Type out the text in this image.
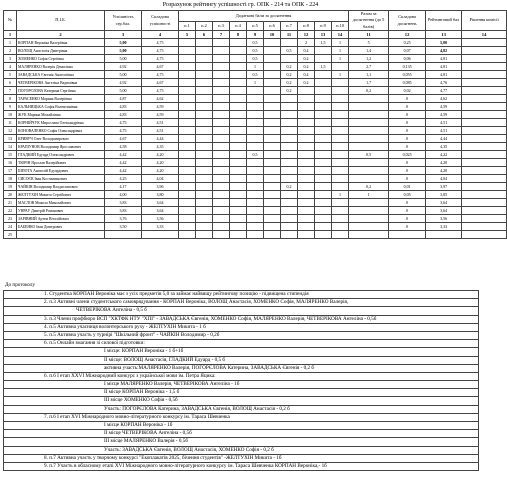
Розрахунок рейтингу успішності гр. ОПК - 214 та ОПК - 224
№	П.І.Б.	Успішність сер.бал.	Складова успішності	Додаткові бали за досягнення										Разом за досягнення (до 5 балів)	Складова досягнень	Рейтинговий бал	Рішення комісії
				п.1	п.2	п.3	п.4	п.5	п.6	п.7	п.8	п.9	п.10				
1	2	3	4	5	6	7	8	9	10	11	12	13	14	11	12	13	14
1	КОРПАН Вероніка Валеріївна	5,00	4,75					0,5			2	1,5	1	5	0,25	5,00	
2	ВОЛОЩ Анастасія Дмитрівна	5,00	4,75					0,5		0,5	0,4		1	1,4	0,07	4,82	
3	ХОМЕНКО Софія Сергіївна	5,00	4,75					0,5			0,2		1	1,2	0,06	4,81	
4	МАЛЯРЕНКО Валерія Денисівна	4,92	4,67					1		0,2	0,2	1,5		2,7	0,135	4,81	
5	ЗАВАДСЬКА Євгенія Анатоліївна	5,00	4,75					0,5		0,2	0,4		1	1,1	0,055	4,81	
6	ЧЕТВЕРІКОВА Ангеліна Вадимівна	4,92	4,67					1		0,2	0,2			1,7	0,085	4,76	
7	ПОГОРЄЛОВА Катерина Сергіївна	5,00	4,75							0,2				0,2	0,02	4,77	
8	ТАРАСЕНКО Марина Валеріївна	4,87	4,62												0	4,62	
9	КАЛЬНИЦЬКА Софія Валентинівна	4,83	4,59												0	4,59	
10	ЖУК Марина Михайлівна	4,83	4,59												0	4,59	
11	КОРНІЙЧУК Мирослава Олександрівна	4,75	4,51												0	4,51	
12	КОНОВАЛЕНКО Софія Олександрівна	4,75	4,51												0	4,51	
13	КРИВУЧ Олег Володимирович	4,67	4,44												0	4,44	
14	КРАПІУНОВ Володимир Ярославович	4,58	4,35												0	4,35	
15	ГЛАДКИЙ Едуард Олександрович	4,42	4,20					0,5						0,5	0,025	4,22	
16	ТЮРІН Ярослав Валерійович	4,42	4,20												0	4,20	
17	ШПОТА Анатолій Едуардович	4,42	4,20												0	4,20	
18	СИСОЄВ Іван Костянтинович	4,25	4,04												0	4,04	
19	ЧАЙКІН Володимир Владиславович	4,17	3,96							0,2				0,2	0,01	3,97	
20	ЖЕЛТУХІН Микита Сергійович	4,00	3,80										1	1	0,05	3,85	
21	МАСЛОВ Микола Миколайович	3,83	3,64												0	3,64	
22	УНРАУ Дмитрій Романович	3,83	3,64												0	3,64	
23	ЗАРІВНИЙ Артем Віталійович	3,76	3,56												0	3,56	
24	БАБЕНКО Іван Дмитрович	3,50	3,33												0	3,33	
25																	
До протоколу
1. Студентка КОРПАН Вероніка має з усіх предметів 5,0 за займає найвищу рейтингову позицію - підвищена стипендія
2. п.3 Активні члени студентського самоврядування - КОРПАН Вероніка, ВОЛОЩ Анастасія, ХОМЕНКО Софія, МАЛЯРЕНКО Валерія,
ЧЕТВЕРІКОВА Ангеліна - 0,5 б
3. п.3 Члени профбюро ВСП "ХКТФК НТУ "ХПІ" - ЗАВАДСЬКА Євгенія, ХОМЕНКО Софія, МАЛЯРЕНКО Валерія, ЧЕТВЕРІКОВА Ангеліна - 0,5б
4. п.5 Активна учасниця волонтерського руху - ЖЕЛТУХІН Микита - 1 б
5. п.5 Активна участь у турнірі "Шкільний фронт" - ЧАЙКІН Володимир - 0,2б
6. п.5 Онлайн змагання зі силової підготовки:
І місце: КОРПАН Вероніка - 1 б+1б
ІІ місце: ВОЛОЩ Анастасія, ГЛАДКИЙ Едуард - 0,5 б
активна участь:МАЛЯРЕНКО Валерія, ПОГОРЄЛОВА Катерина, ЗАВАДСЬКА Євгенія - 0,2 б
6. п.6 І етап XXVI Міжнародний конкурс з української мови ім. Петра Яцика:
І місце МАЛЯРЕНКО Валерія, ЧЕТВЕРІКОВА Ангеліна - 1б
ІІ місце КОРПАН Вероніка - 1,5 б
ІІІ місце ХОМЕНКО Софія - 0,5б
Участь: ПОГОРЄЛОВА Катерина, ЗАВАДСЬКА Євгенія, ВОЛОЩ Анастасія - 0,2 б
7. п.6 І етап XVI Міжнародного мовно-літературного конкурсу ім. Тараса Шевченка
І місце КОРПАН Вероніка - 1б
ІІ місце ЧЕТВЕРІКОВА Ангеліна - 0,5б
ІІІ місце МАЛЯРЕНКО Валерія - 0,5б
Участь: ЗАВАДСЬКА Євгенія, ВОЛОЩ Анастасія, ХОМЕНКО Софія - 0,2 б
8. п.7 Активна участь у творчому конкурсі "Екоплакатів 2025, бічення студентів" -ЖЕЛТУХІН Микита - 1б
9. п.7 Участь в обласному етапі XVI Міжнародного мовно-літературного конкурсу ім. Тараса Шевченка КОРПАН Вероніка,- 1б
